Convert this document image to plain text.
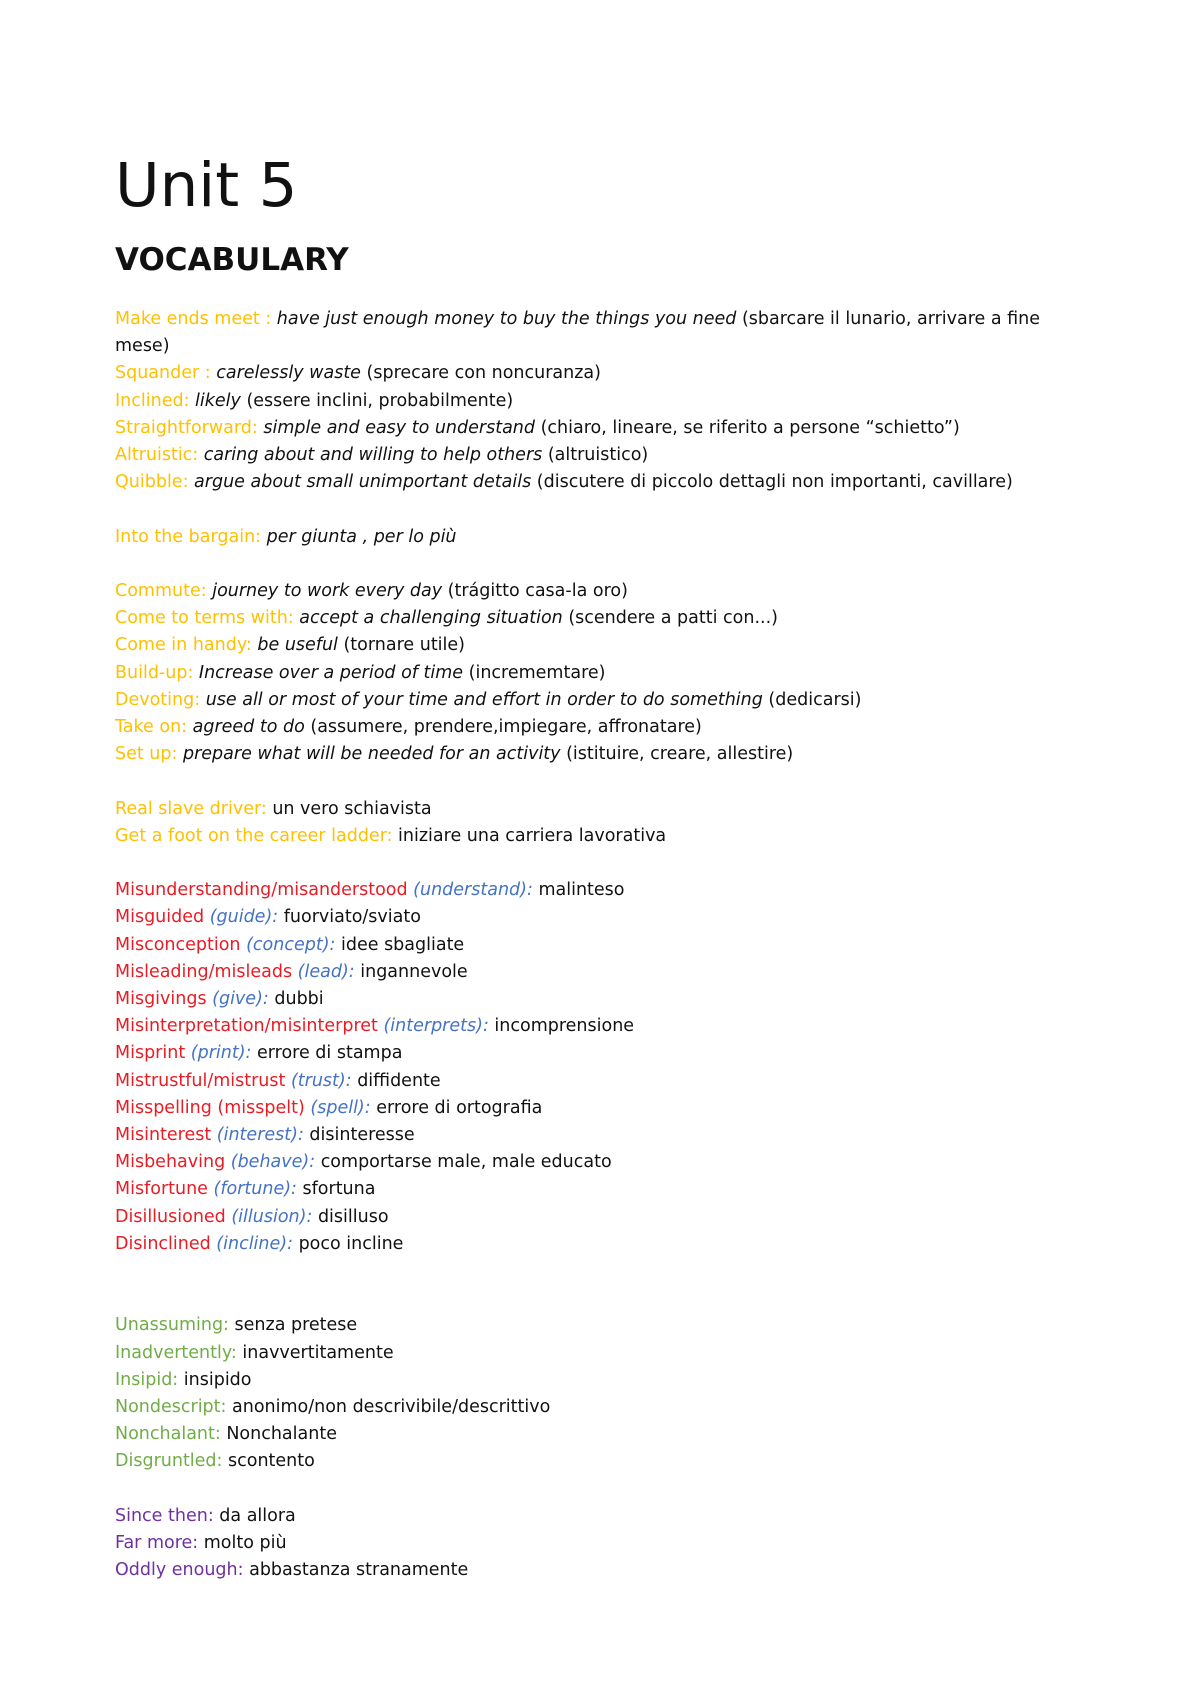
Unit 5
VOCABULARY
Make ends meet : have just enough money to buy the things you need (sbarcare il lunario, arrivare a fine mese)
Squander : carelessly waste (sprecare con noncuranza)
Inclined: likely (essere inclini, probabilmente)
Straightforward: simple and easy to understand (chiaro, lineare, se riferito a persone “schietto”)
Altruistic: caring about and willing to help others (altruistico)
Quibble: argue about small unimportant details (discutere di piccolo dettagli non importanti, cavillare)
Into the bargain: per giunta , per lo più
Commute: journey to work every day (trágitto casa-la oro)
Come to terms with: accept a challenging situation (scendere a patti con...)
Come in handy: be useful (tornare utile)
Build-up: Increase over a period of time (incrememtare)
Devoting: use all or most of your time and effort in order to do something (dedicarsi)
Take on: agreed to do (assumere, prendere,impiegare, affronatare)
Set up: prepare what will be needed for an activity (istituire, creare, allestire)
Real slave driver: un vero schiavista
Get a foot on the career ladder: iniziare una carriera lavorativa
Misunderstanding/misanderstood (understand): malinteso
Misguided (guide): fuorviato/sviato
Misconception (concept): idee sbagliate
Misleading/misleads (lead): ingannevole
Misgivings (give): dubbi
Misinterpretation/misinterpret (interprets): incomprensione
Misprint (print): errore di stampa
Mistrustful/mistrust (trust): diffidente
Misspelling (misspelt) (spell): errore di ortografia
Misinterest (interest): disinteresse
Misbehaving (behave): comportarse male, male educato
Misfortune (fortune): sfortuna
Disillusioned (illusion): disilluso
Disinclined (incline): poco incline
Unassuming: senza pretese
Inadvertently: inavvertitamente
Insipid: insipido
Nondescript: anonimo/non descrivibile/descrittivo
Nonchalant: Nonchalante
Disgruntled: scontento
Since then: da allora
Far more: molto più
Oddly enough: abbastanza stranamente
